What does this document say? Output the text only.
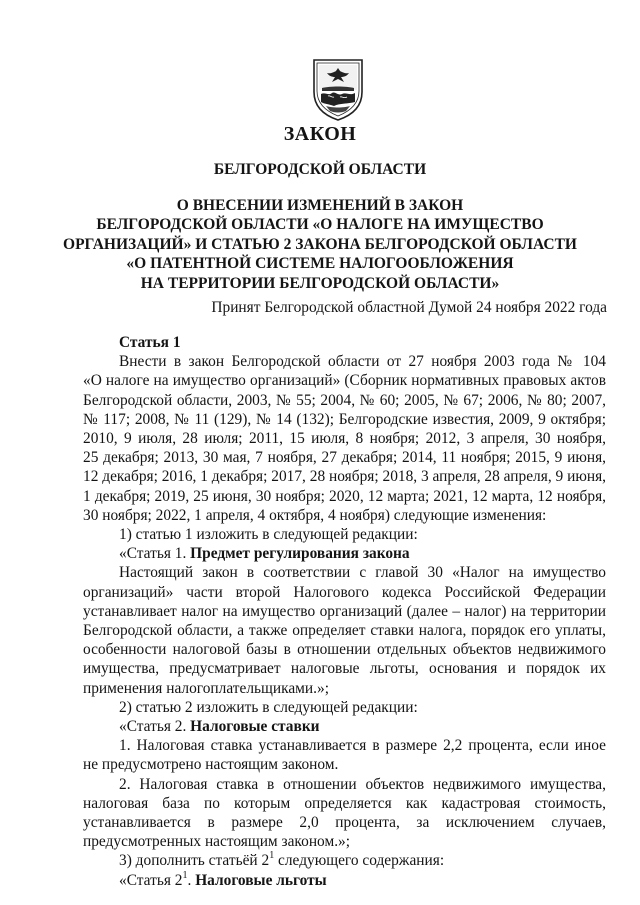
ЗАКОН
БЕЛГОРОДСКОЙ ОБЛАСТИ
О ВНЕСЕНИИ ИЗМЕНЕНИЙ В ЗАКОН
БЕЛГОРОДСКОЙ ОБЛАСТИ «О НАЛОГЕ НА ИМУЩЕСТВО
ОРГАНИЗАЦИЙ» И СТАТЬЮ 2 ЗАКОНА БЕЛГОРОДСКОЙ ОБЛАСТИ
«О ПАТЕНТНОЙ СИСТЕМЕ НАЛОГООБЛОЖЕНИЯ
НА ТЕРРИТОРИИ БЕЛГОРОДСКОЙ ОБЛАСТИ»

Принят Белгородской областной Думой 24 ноября 2022 года

Статья 1
Внести в закон Белгородской области от 27 ноября 2003 года № 104
«О налоге на имущество организаций» (Сборник нормативных правовых актов
Белгородской области, 2003, № 55; 2004, № 60; 2005, № 67; 2006, № 80; 2007,
№ 117; 2008, № 11 (129), № 14 (132); Белгородские известия, 2009, 9 октября;
2010, 9 июля, 28 июля; 2011, 15 июля, 8 ноября; 2012, 3 апреля, 30 ноября,
25 декабря; 2013, 30 мая, 7 ноября, 27 декабря; 2014, 11 ноября; 2015, 9 июня,
12 декабря; 2016, 1 декабря; 2017, 28 ноября; 2018, 3 апреля, 28 апреля, 9 июня,
1 декабря; 2019, 25 июня, 30 ноября; 2020, 12 марта; 2021, 12 марта, 12 ноября,
30 ноября; 2022, 1 апреля, 4 октября, 4 ноября) следующие изменения:
1) статью 1 изложить в следующей редакции:
«Статья 1. Предмет регулирования закона
Настоящий закон в соответствии с главой 30 «Налог на имущество
организаций» части второй Налогового кодекса Российской Федерации
устанавливает налог на имущество организаций (далее – налог) на территории
Белгородской области, а также определяет ставки налога, порядок его уплаты,
особенности налоговой базы в отношении отдельных объектов недвижимого
имущества, предусматривает налоговые льготы, основания и порядок их
применения налогоплательщиками.»;
2) статью 2 изложить в следующей редакции:
«Статья 2. Налоговые ставки
1. Налоговая ставка устанавливается в размере 2,2 процента, если иное
не предусмотрено настоящим законом.
2. Налоговая ставка в отношении объектов недвижимого имущества,
налоговая база по которым определяется как кадастровая стоимость,
устанавливается в размере 2,0 процента, за исключением случаев,
предусмотренных настоящим законом.»;
3) дополнить статьёй $2^1$ следующего содержания:
«Статья $2^1$. Налоговые льготы
